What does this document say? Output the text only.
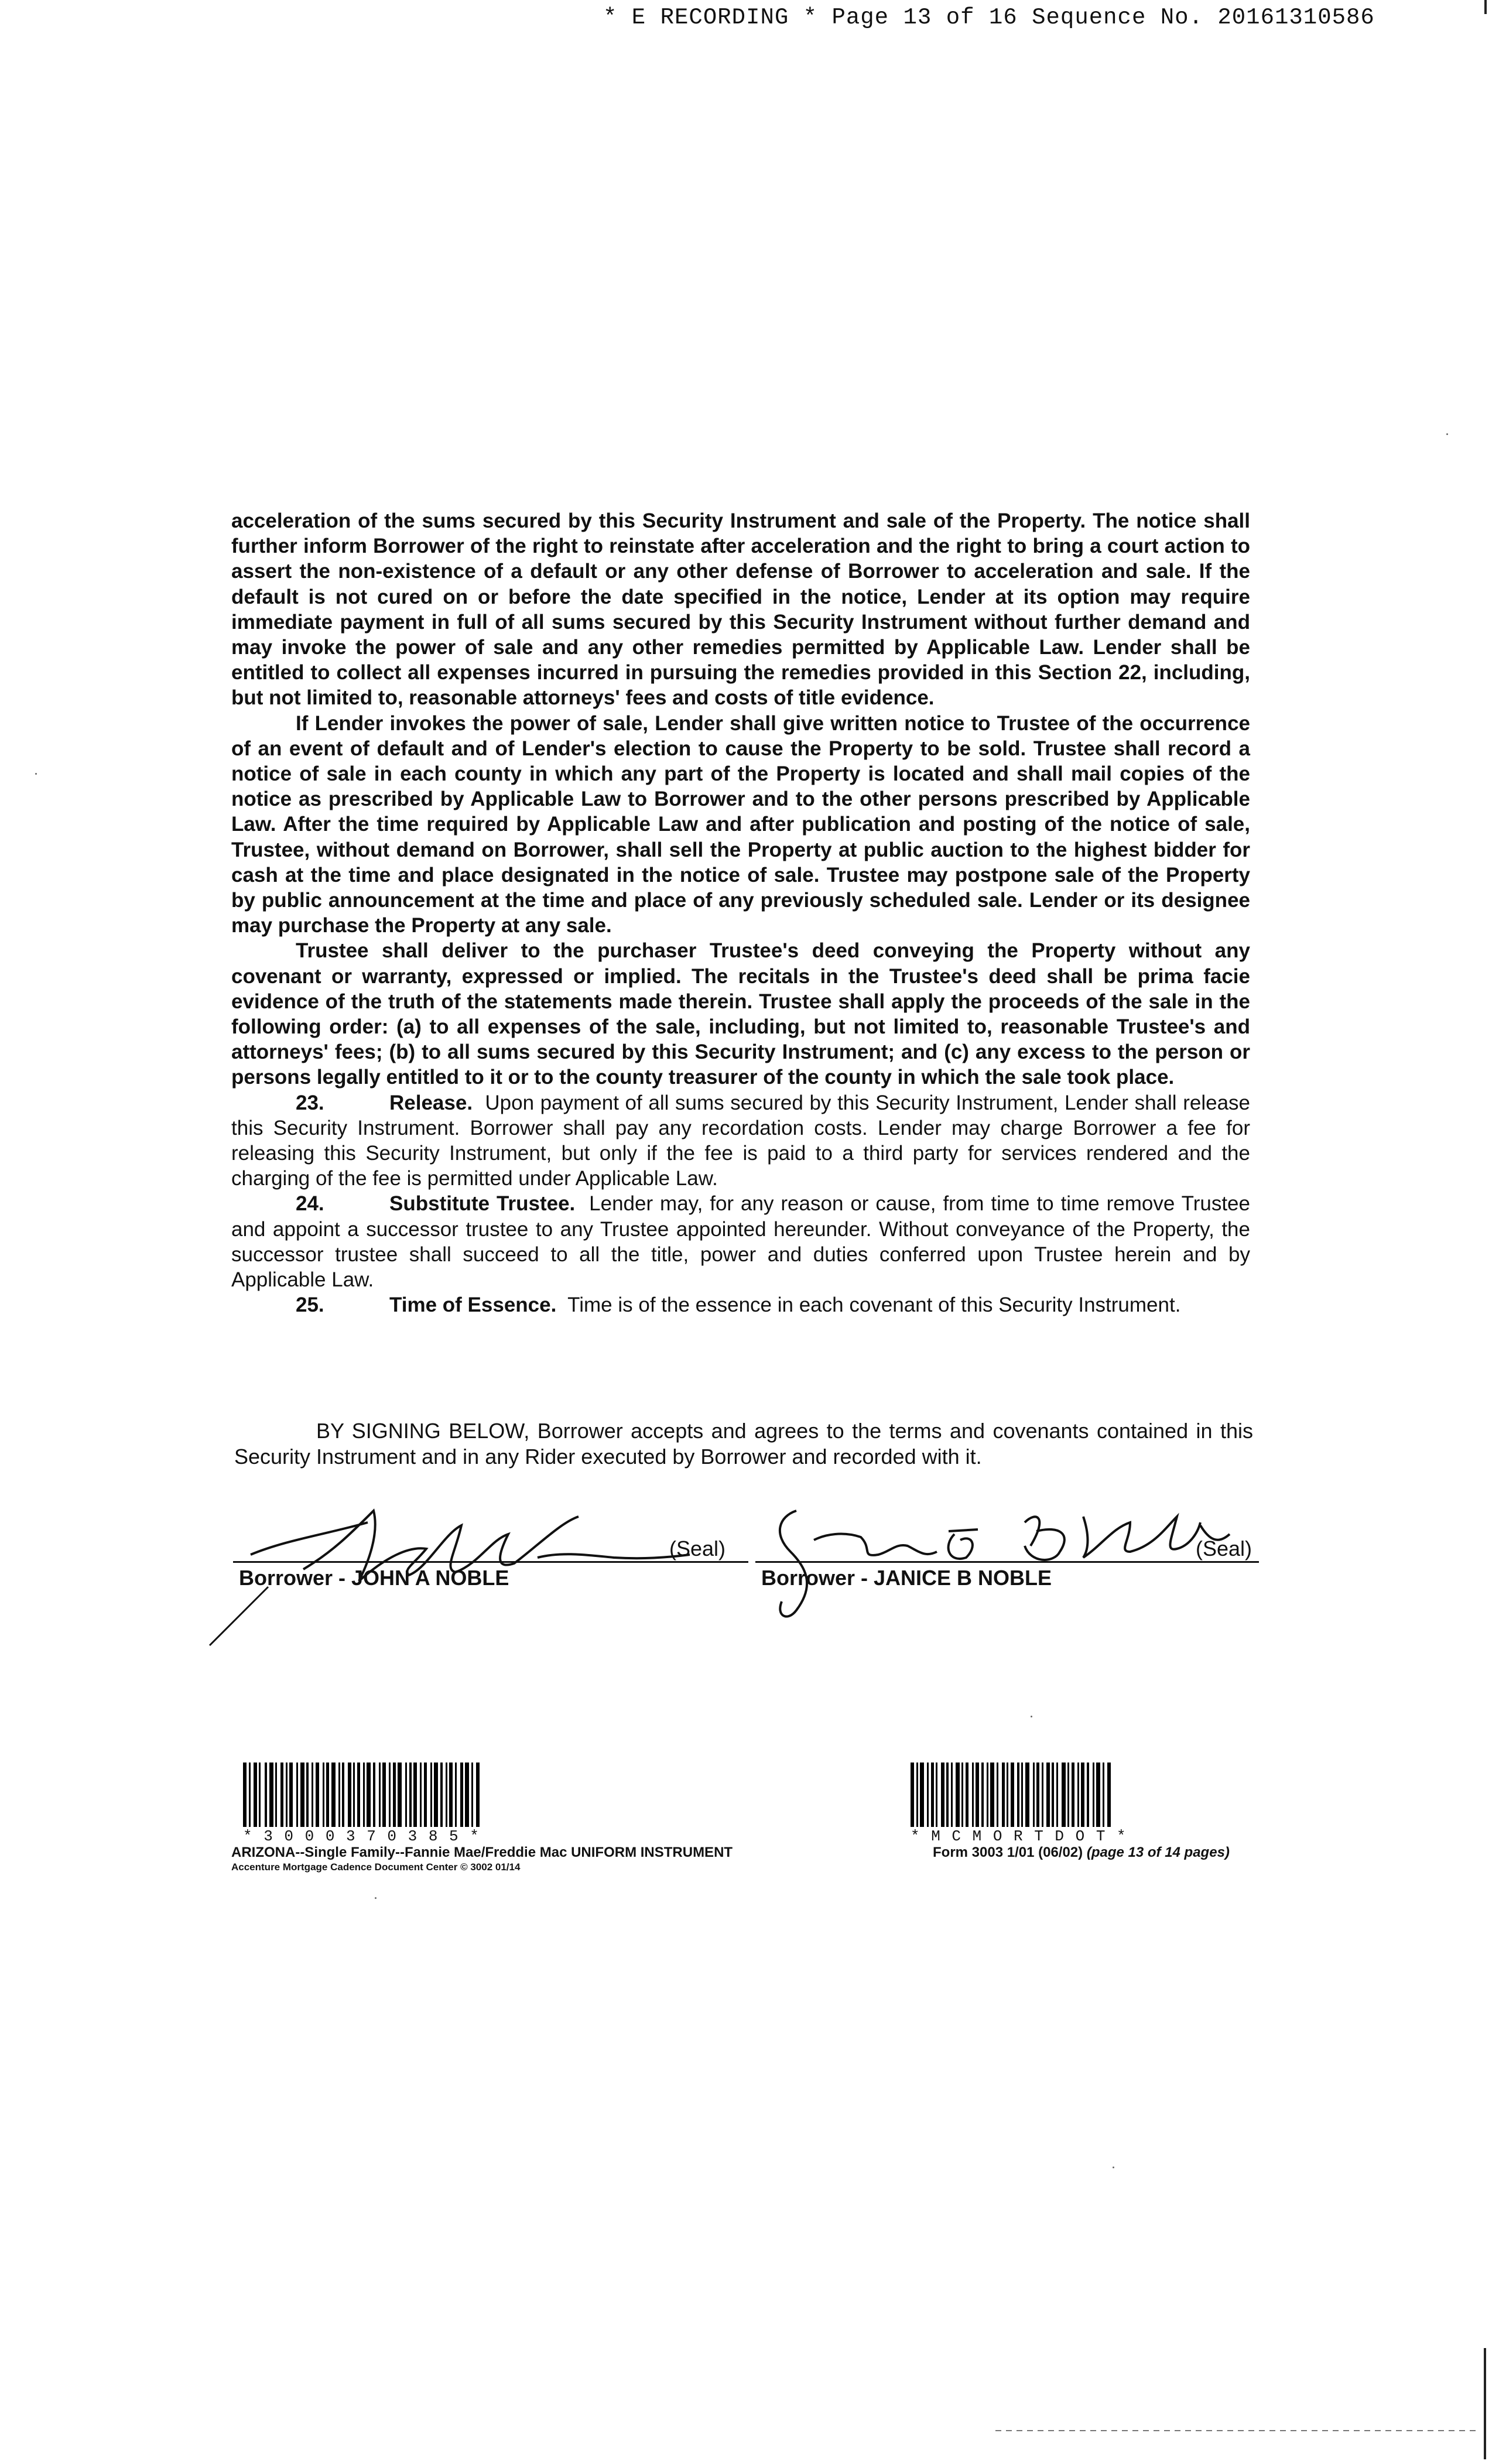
* E RECORDING * Page 13 of 16 Sequence No. 20161310586

acceleration of the sums secured by this Security Instrument and sale of the Property. The notice shall further inform Borrower of the right to reinstate after acceleration and the right to bring a court action to assert the non-existence of a default or any other defense of Borrower to acceleration and sale. If the default is not cured on or before the date specified in the notice, Lender at its option may require immediate payment in full of all sums secured by this Security Instrument without further demand and may invoke the power of sale and any other remedies permitted by Applicable Law. Lender shall be entitled to collect all expenses incurred in pursuing the remedies provided in this Section 22, including, but not limited to, reasonable attorneys' fees and costs of title evidence.

If Lender invokes the power of sale, Lender shall give written notice to Trustee of the occurrence of an event of default and of Lender's election to cause the Property to be sold. Trustee shall record a notice of sale in each county in which any part of the Property is located and shall mail copies of the notice as prescribed by Applicable Law to Borrower and to the other persons prescribed by Applicable Law. After the time required by Applicable Law and after publication and posting of the notice of sale, Trustee, without demand on Borrower, shall sell the Property at public auction to the highest bidder for cash at the time and place designated in the notice of sale. Trustee may postpone sale of the Property by public announcement at the time and place of any previously scheduled sale. Lender or its designee may purchase the Property at any sale.

Trustee shall deliver to the purchaser Trustee's deed conveying the Property without any covenant or warranty, expressed or implied. The recitals in the Trustee's deed shall be prima facie evidence of the truth of the statements made therein. Trustee shall apply the proceeds of the sale in the following order: (a) to all expenses of the sale, including, but not limited to, reasonable Trustee's and attorneys' fees; (b) to all sums secured by this Security Instrument; and (c) any excess to the person or persons legally entitled to it or to the county treasurer of the county in which the sale took place.

23.	Release. Upon payment of all sums secured by this Security Instrument, Lender shall release this Security Instrument. Borrower shall pay any recordation costs. Lender may charge Borrower a fee for releasing this Security Instrument, but only if the fee is paid to a third party for services rendered and the charging of the fee is permitted under Applicable Law.

24.	Substitute Trustee. Lender may, for any reason or cause, from time to time remove Trustee and appoint a successor trustee to any Trustee appointed hereunder. Without conveyance of the Property, the successor trustee shall succeed to all the title, power and duties conferred upon Trustee herein and by Applicable Law.

25.	Time of Essence. Time is of the essence in each covenant of this Security Instrument.

BY SIGNING BELOW, Borrower accepts and agrees to the terms and covenants contained in this Security Instrument and in any Rider executed by Borrower and recorded with it.
(Seal)
Borrower - JOHN A NOBLE
(Seal)
Borrower - JANICE B NOBLE
* 3 0 0 0 3 7 0 3 8 5 *
ARIZONA--Single Family--Fannie Mae/Freddie Mac UNIFORM INSTRUMENT
Accenture Mortgage Cadence Document Center © 3002 01/14
* M C M O R T D O T *
Form 3003 1/01 (06/02) (page 13 of 14 pages)
